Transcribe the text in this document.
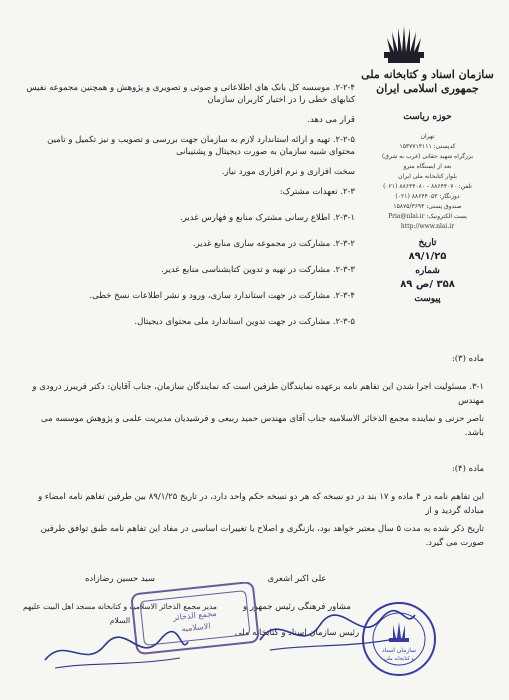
سازمان اسناد و کتابخانه ملی
جمهوری اسلامی ایران
حوزه ریاست
تهران
کدپستی: ۱۵۳۷۷۱۴۱۱۱
بزرگراه شهید حقانی (غرب به شرق)
بعد از ایستگاه مترو
بلوار کتابخانه ملی ایران
تلفن: ۸۸۶۴۴۰۷۰ - ۸۸۶۴۴۰۸۰ (۰۲۱)
دورنگار: ۸۸۶۴۴۰۵۳ (۰۲۱)
صندوق پستی: ۱۵۸۷۵/۳۶۹۳
پست الکترونیک: Pria@nlai.ir
http://www.nlai.ir
تاریخ
۸۹/۱/۲۵
شماره
۳۵۸ /ص ۸۹
پیوست

۲-۲-۴. موسسه کل بانک های اطلاعاتی و صوتی و تصویری و پژوهش و همچنین مجموعه نفیس کتابهای خطی را در اختیار کاربران سازمان

قرار می دهد.

۲-۲-۵. تهیه و ارائه استاندارد لازم به سازمان جهت بررسی و تصویب و نیز تکمیل و تامین محتوای شبیه سازمان به صورت دیجیتال و پشتیبانی

سخت افزاری و نرم افزاری مورد نیاز.

۲-۳. تعهدات مشترک:

۲-۳-۱. اطلاع رسانی مشترک منابع و فهارس غدیر.

۲-۳-۲. مشارکت در مجموعه سازی منابع غدیر.

۲-۳-۳. مشارکت در تهیه و تدوین کتابشناسی منابع غدیر.

۲-۳-۴. مشارکت در جهت استاندارد سازی، ورود و نشر اطلاعات نسخ خطی.

۲-۳-۵. مشارکت در جهت تدوین استاندارد ملی محتوای دیجیتال.

ماده (۳):

۳-۱. مسئولیت اجرا شدن این تفاهم نامه برعهده نمایندگان طرفین است که نمایندگان سازمان، جناب آقایان: دکتر فریبرز درودی و مهندس

ناصر حزنی و نماینده مجمع الذخائر الاسلامیه جناب آقای مهندس حمید ربیعی و فرشیدیان مدیریت علمی و پژوهش موسسه می باشد.

ماده (۴):

این تفاهم نامه در ۴ ماده و ۱۷ بند در دو نسخه که هر دو نسخه حکم واحد دارد، در تاریخ ۸۹/۱/۲۵ بین طرفین تفاهم نامه امضاء و مبادله گردید و از

تاریخ ذکر شده به مدت ۵ سال معتبر خواهد بود، بازنگری و اصلاح یا تغییرات اساسی در مفاد این تفاهم نامه طبق توافق طرفین صورت می گیرد.

علی اکبر اشعری
مشاور فرهنگی رئیس جمهور و
رئیس سازمان اسناد و کتابخانه ملی
سید حسین رضازاده
مدیر مجمع الذخائر الاسلامیه و کتابخانه مسجد اهل البیت علیهم السلام
سازمان اسناد
و کتابخانه ملی
مجمع الذخائر
الاسلامیه
